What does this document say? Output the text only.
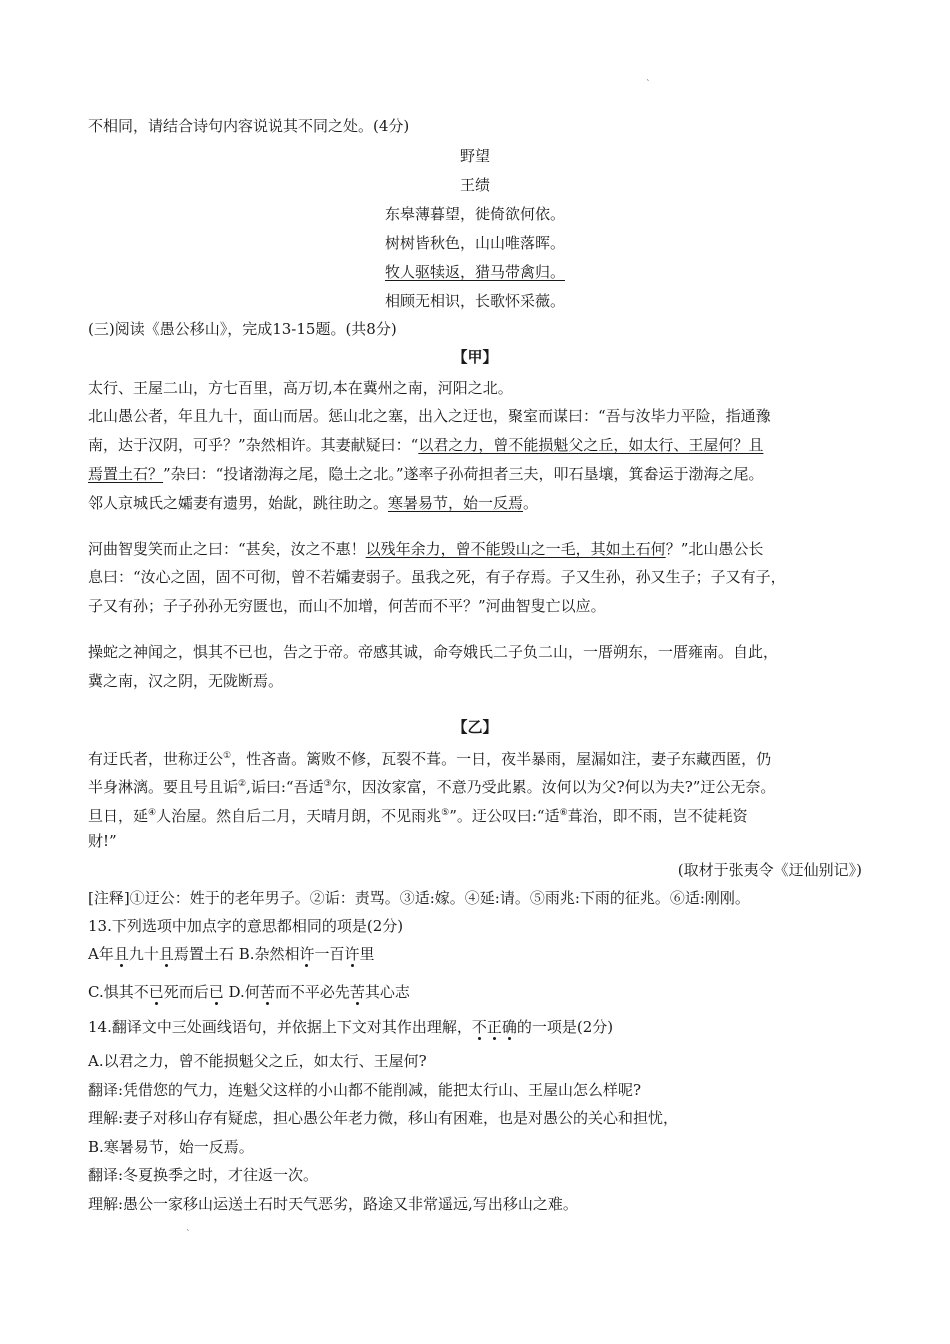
`
不相同，请结合诗句内容说说其不同之处。(4分)
野望
王绩
东皋薄暮望，徙倚欲何依。
树树皆秋色，山山唯落晖。
牧人驱犊返，猎马带禽归。
相顾无相识，长歌怀采薇。
(三)阅读《愚公移山》，完成13-15题。(共8分)
【甲】
太行、王屋二山，方七百里，高万切,本在冀州之南，河阳之北。
北山愚公者，年且九十，面山而居。惩山北之塞，出入之迂也，聚室而谋曰：“吾与汝毕力平险，指通豫
南，达于汉阴，可乎？”杂然相许。其妻献疑曰：“以君之力，曾不能损魁父之丘，如太行、王屋何？且
焉置土石？”杂曰：“投诸渤海之尾，隐土之北。”遂率子孙荷担者三夫，叩石垦壤，箕畚运于渤海之尾。
邻人京城氏之孀妻有遗男，始龀，跳往助之。寒暑易节，始一反焉。
河曲智叟笑而止之曰：“甚矣，汝之不惠！以残年余力，曾不能毁山之一毛，其如土石何？”北山愚公长
息曰：“汝心之固，固不可彻，曾不若孀妻弱子。虽我之死，有子存焉。子又生孙，孙又生子；子又有子，
子又有孙；子子孙孙无穷匮也，而山不加增，何苦而不平？”河曲智叟亡以应。
操蛇之神闻之，惧其不已也，告之于帝。帝感其诚，命夸娥氏二子负二山，一厝朔东，一厝雍南。自此，
冀之南，汉之阴，无陇断焉。
【乙】
有迂氏者，世称迂公①，性吝啬。篱败不修，瓦裂不葺。一日，夜半暴雨，屋漏如注，妻子东藏西匿，仍
半身淋漓。要且号且诟②,诟曰:“吾适③尔，因汝家富，不意乃受此累。汝何以为父?何以为夫?”迂公无奈。
旦日，延④人治屋。然自后二月，天晴月朗，不见雨兆⑤”。迂公叹曰:“适⑥葺治，即不雨，岂不徒耗资
财!”
(取材于张夷令《迂仙别记》)
[注释]①迂公：姓于的老年男子。②诟：责骂。③适:嫁。④延:请。⑤雨兆:下雨的征兆。⑥适:刚刚。
13.下列选项中加点字的意思都相同的项是(2分)
A年且九十且焉置土石 B.杂然相许一百许里
C.惧其不已死而后已 D.何苦而不平必先苦其心志
14.翻译文中三处画线语句，并依据上下文对其作出理解，不正确的一项是(2分)
A.以君之力，曾不能损魁父之丘，如太行、王屋何?
翻译:凭借您的气力，连魁父这样的小山都不能削减，能把太行山、王屋山怎么样呢?
理解:妻子对移山存有疑虑，担心愚公年老力微，移山有困难，也是对愚公的关心和担忧，
B.寒暑易节，始一反焉。
翻译:冬夏换季之时，才往返一次。
理解:愚公一家移山运送土石时天气恶劣，路途又非常遥远,写出移山之难。
`
